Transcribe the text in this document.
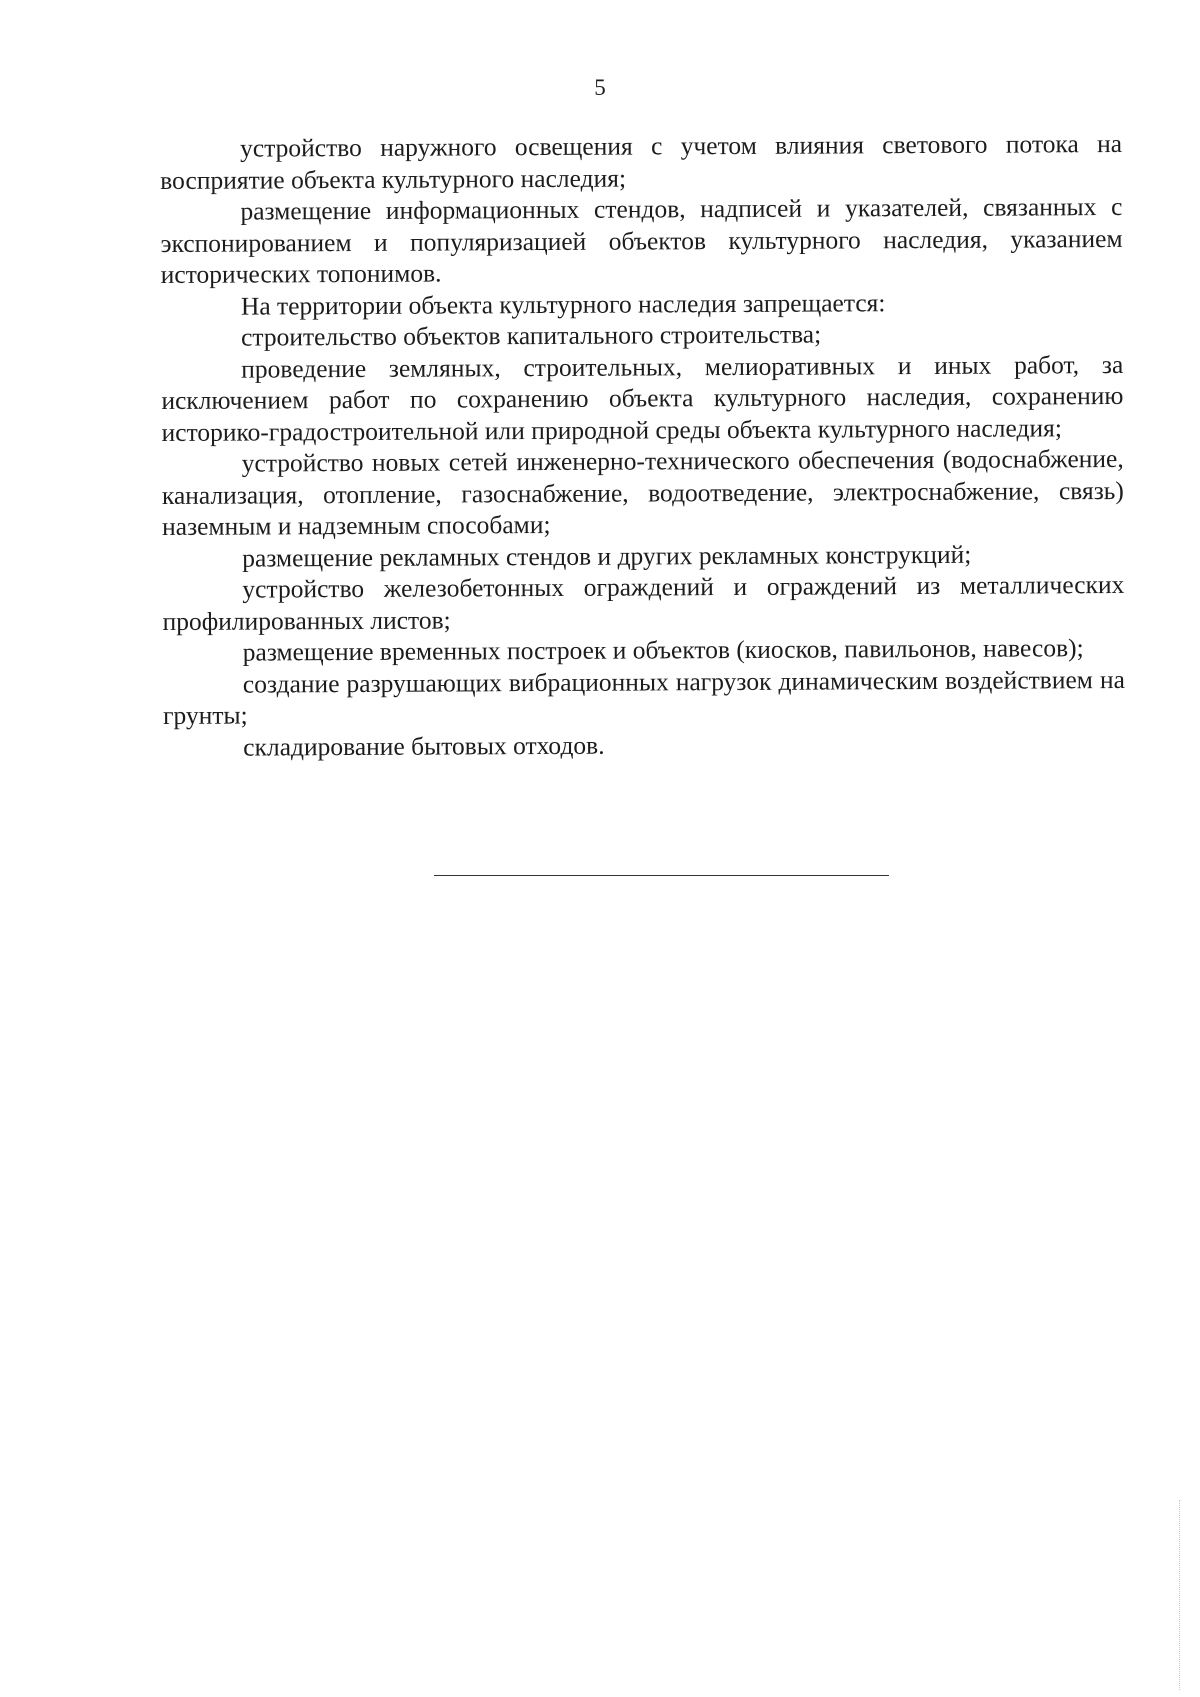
5

устройство наружного освещения с учетом влияния светового потока на восприятие объекта культурного наследия;

размещение информационных стендов, надписей и указателей, связанных с экспонированием и популяризацией объектов культурного наследия, указанием исторических топонимов.

На территории объекта культурного наследия запрещается:

строительство объектов капитального строительства;

проведение земляных, строительных, мелиоративных и иных работ, за исключением работ по сохранению объекта культурного наследия, сохранению историко-градостроительной или природной среды объекта культурного наследия;

устройство новых сетей инженерно-технического обеспечения (водоснабжение, канализация, отопление, газоснабжение, водоотведение, электроснабжение, связь) наземным и надземным способами;

размещение рекламных стендов и других рекламных конструкций;

устройство железобетонных ограждений и ограждений из металлических профилированных листов;

размещение временных построек и объектов (киосков, павильонов, навесов);

создание разрушающих вибрационных нагрузок динамическим воздействием на грунты;

складирование бытовых отходов.
